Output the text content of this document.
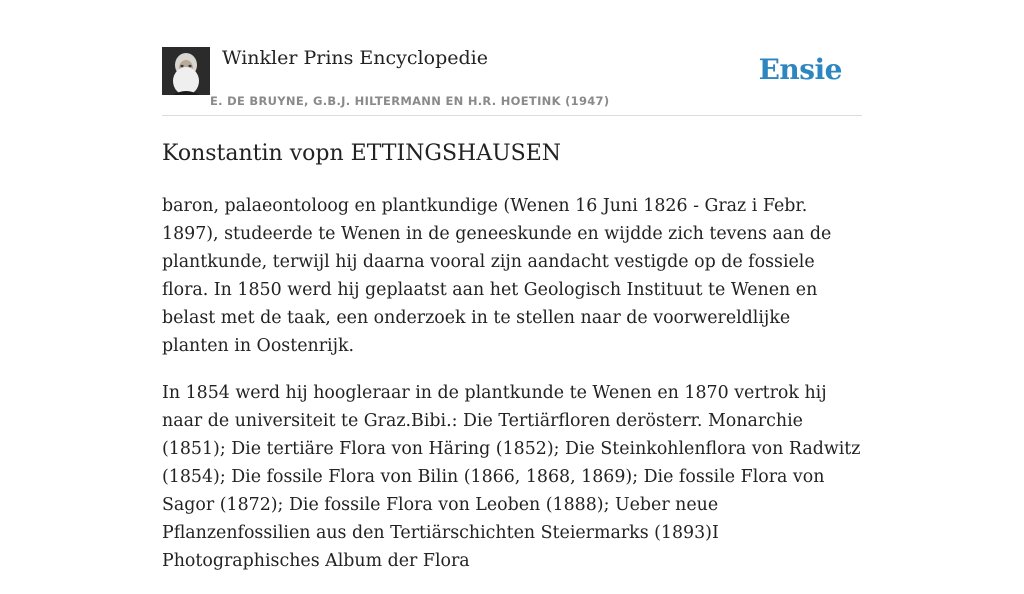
Winkler Prins Encyclopedie
E. DE BRUYNE, G.B.J. HILTERMANN EN H.R. HOETINK (1947)
Ensie
Konstantin vopn ETTINGSHAUSEN

baron, palaeontoloog en plantkundige (Wenen 16 Juni 1826 - Graz i Febr. 1897), studeerde te Wenen in de geneeskunde en wijdde zich tevens aan de plantkunde, terwijl hij daarna vooral zijn aandacht vestigde op de fossiele flora. In 1850 werd hij geplaatst aan het Geologisch Instituut te Wenen en belast met de taak, een onderzoek in te stellen naar de voorwereldlijke planten in Oostenrijk.

In 1854 werd hij hoogleraar in de plantkunde te Wenen en 1870 vertrok hij naar de universiteit te Graz.Bibi.: Die Tertiärfloren derösterr. Monarchie (1851); Die tertiäre Flora von Häring (1852); Die Steinkohlenflora von Radwitz (1854); Die fossile Flora von Bilin (1866, 1868, 1869); Die fossile Flora von Sagor (1872); Die fossile Flora von Leoben (1888); Ueber neue Pflanzenfossilien aus den Tertiärschichten Steiermarks (1893)I Photographisches Album der Flora
